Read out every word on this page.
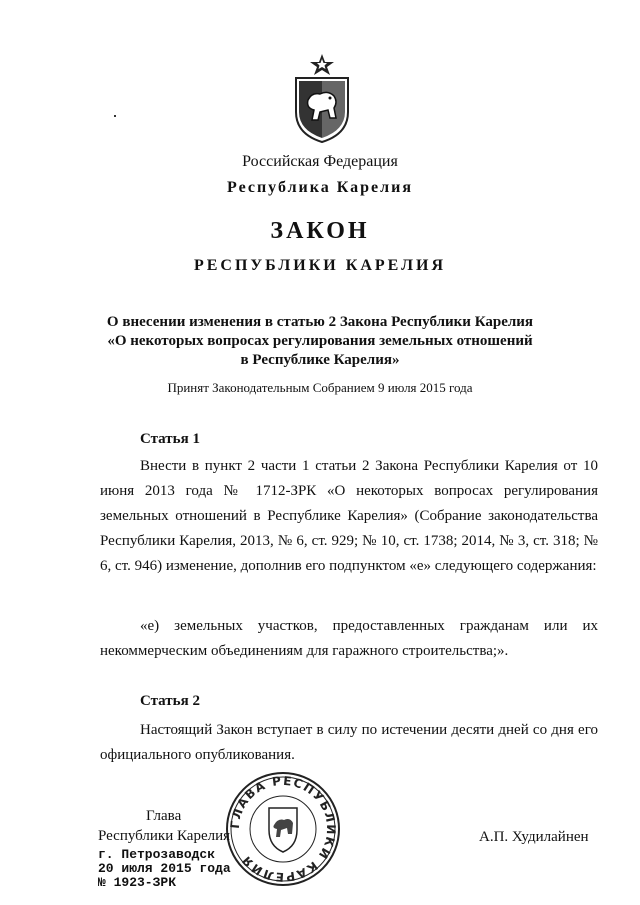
Российская Федерация
Республика Карелия
ЗАКОН
РЕСПУБЛИКИ КАРЕЛИЯ
О внесении изменения в статью 2 Закона Республики Карелия
«О некоторых вопросах регулирования земельных отношений
в Республике Карелия»
Принят Законодательным Собранием 9 июля 2015 года
Статья 1
Внести в пункт 2 части 1 статьи 2 Закона Республики Карелия от 10 июня 2013 года № 1712-ЗРК «О некоторых вопросах регулирования земельных отношений в Республике Карелия» (Собрание законодательства Республики Карелия, 2013, № 6, ст. 929; № 10, ст. 1738; 2014, № 3, ст. 318; № 6, ст. 946) изменение, дополнив его подпунктом «е» следующего содержания:
«е) земельных участков, предоставленных гражданам или их некоммерческим объединениям для гаражного строительства;».
Статья 2
Настоящий Закон вступает в силу по истечении десяти дней со дня его официального опубликования.
ГЛАВА РЕСПУБЛИКИ КАРЕЛИЯ
Глава
Республики Карелия	А.П. Худилайнен
г. Петрозаводск
20 июля 2015 года
№ 1923-ЗРК
